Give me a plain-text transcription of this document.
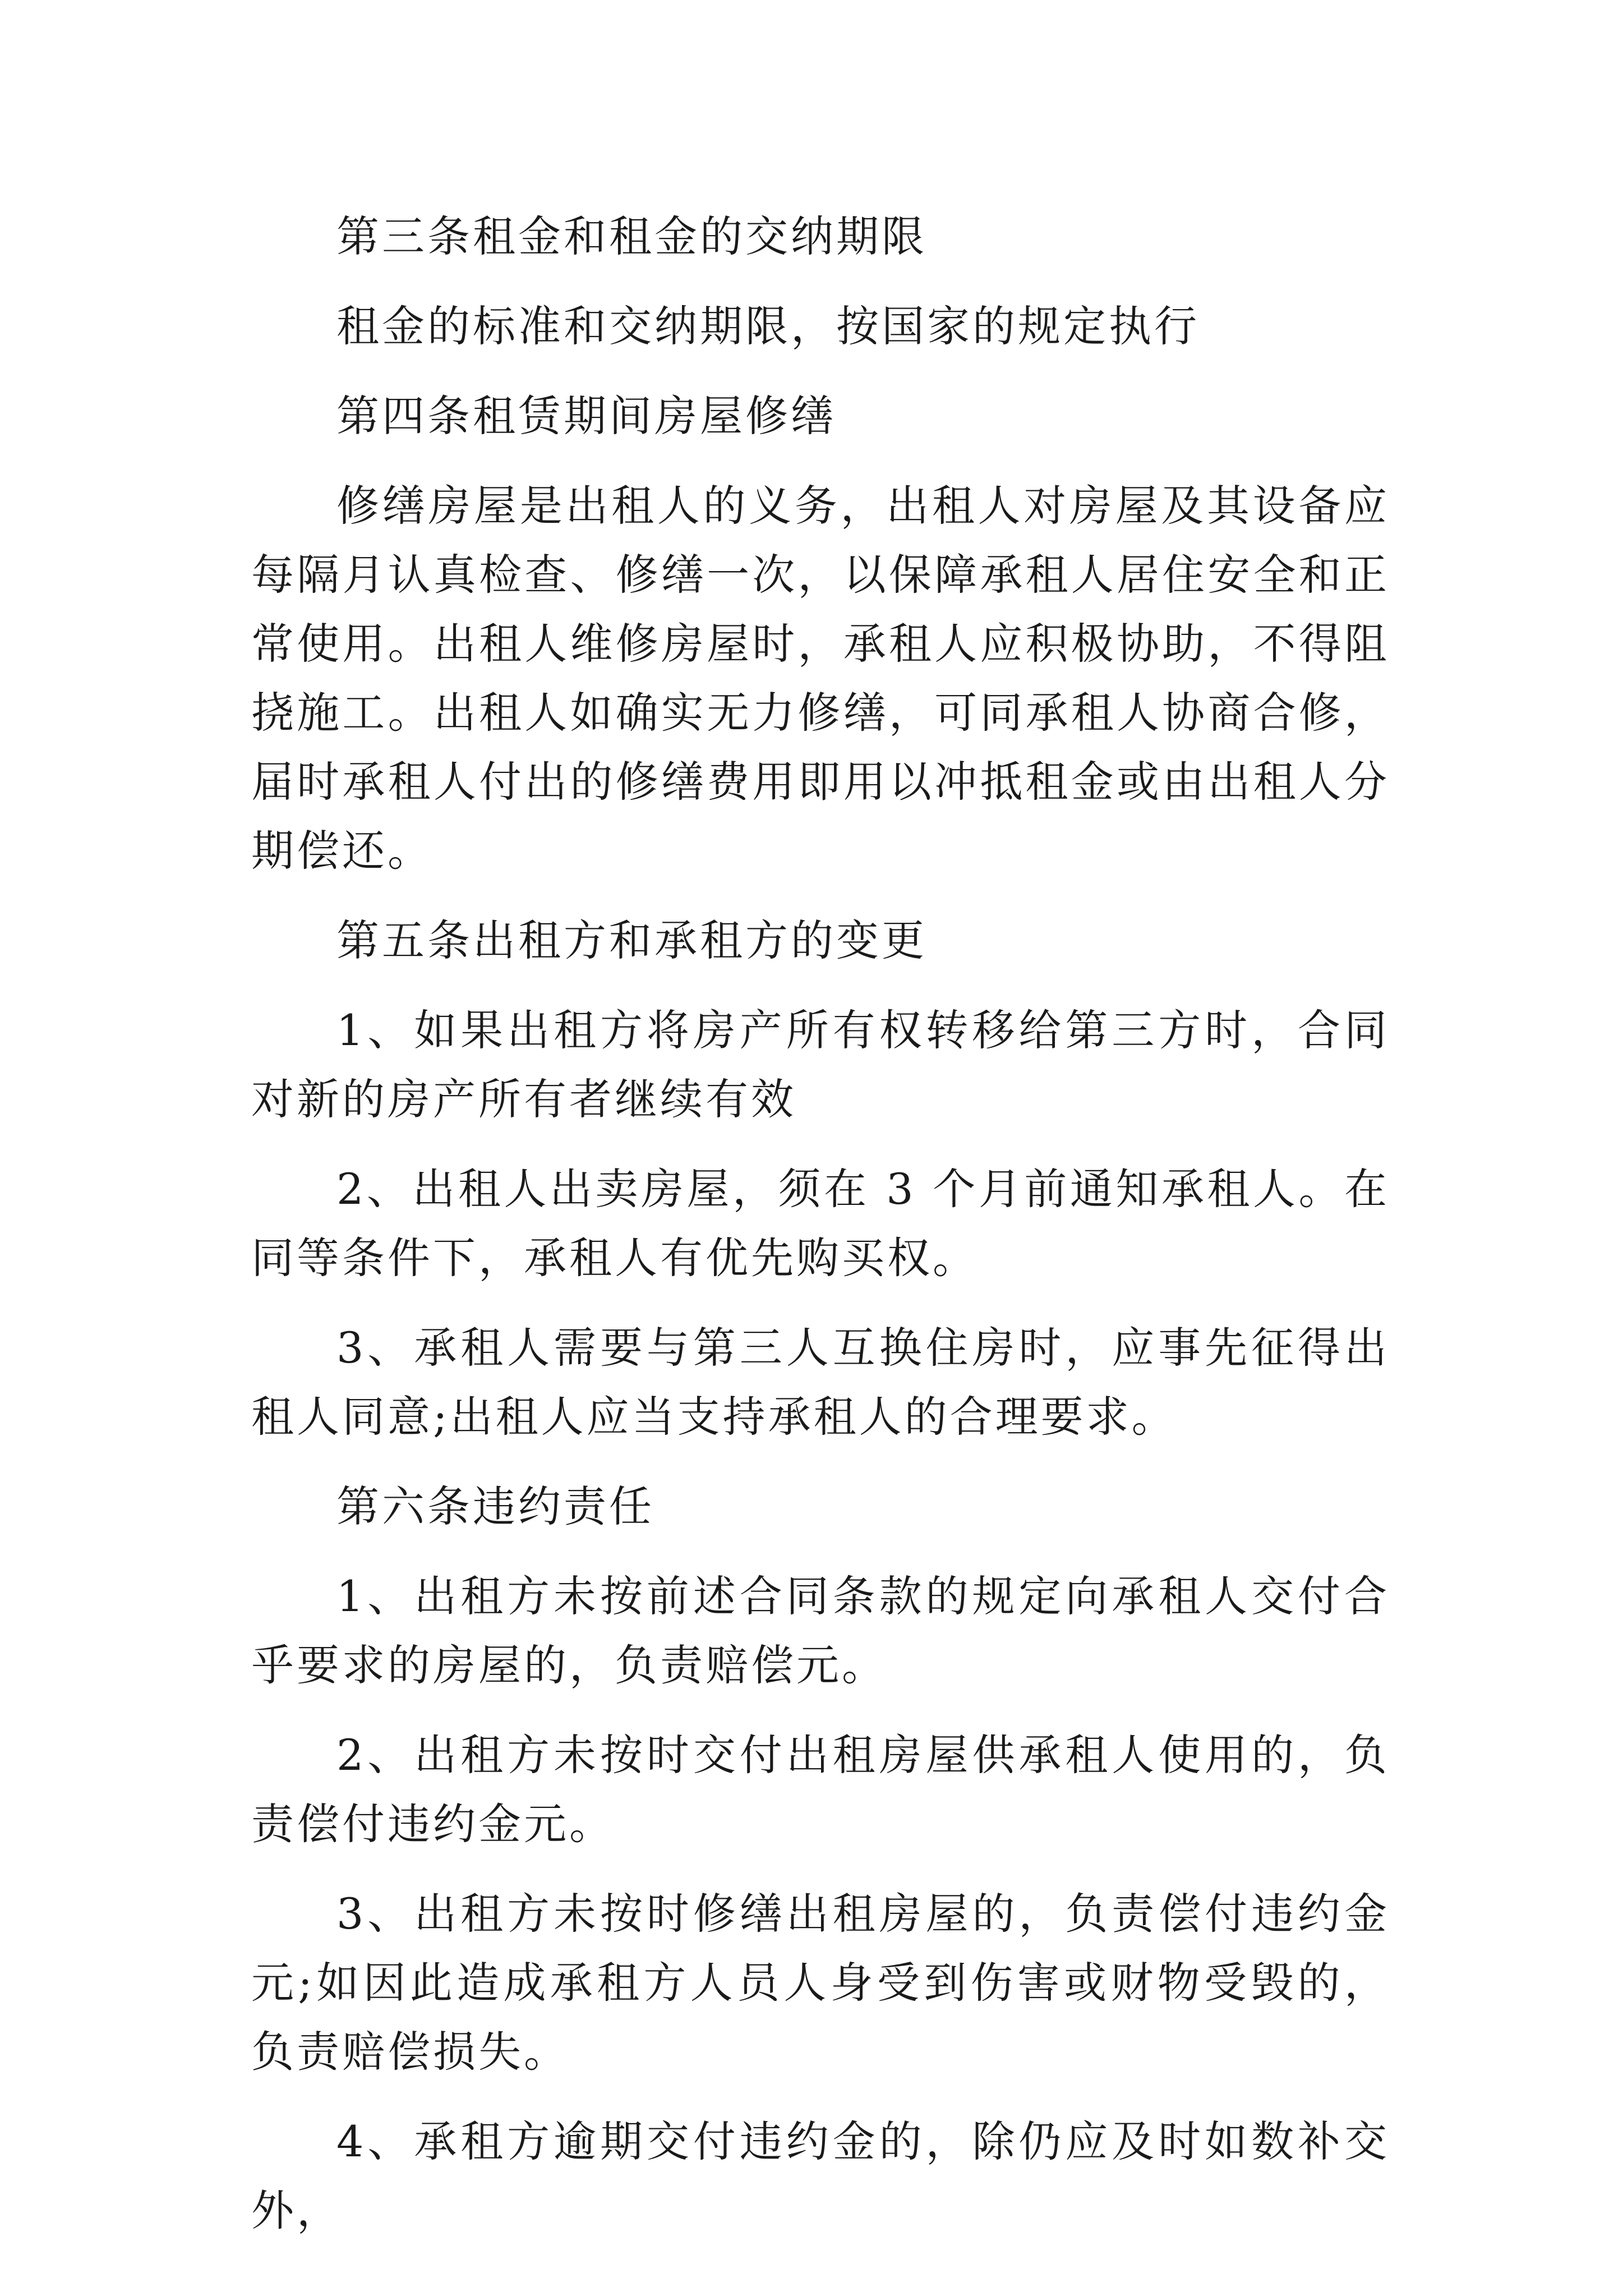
第三条租金和租金的交纳期限

租金的标准和交纳期限，按国家的规定执行

第四条租赁期间房屋修缮

修缮房屋是出租人的义务，出租人对房屋及其设备应每隔月认真检查、修缮一次，以保障承租人居住安全和正常使用。出租人维修房屋时，承租人应积极协助，不得阻挠施工。出租人如确实无力修缮，可同承租人协商合修，届时承租人付出的修缮费用即用以冲抵租金或由出租人分期偿还。

第五条出租方和承租方的变更

1、如果出租方将房产所有权转移给第三方时，合同对新的房产所有者继续有效

2、出租人出卖房屋，须在 3 个月前通知承租人。在同等条件下，承租人有优先购买权。

3、承租人需要与第三人互换住房时，应事先征得出租人同意;出租人应当支持承租人的合理要求。

第六条违约责任

1、出租方未按前述合同条款的规定向承租人交付合乎要求的房屋的，负责赔偿元。

2、出租方未按时交付出租房屋供承租人使用的，负责偿付违约金元。

3、出租方未按时修缮出租房屋的，负责偿付违约金元;如因此造成承租方人员人身受到伤害或财物受毁的，负责赔偿损失。

4、承租方逾期交付违约金的，除仍应及时如数补交外，
